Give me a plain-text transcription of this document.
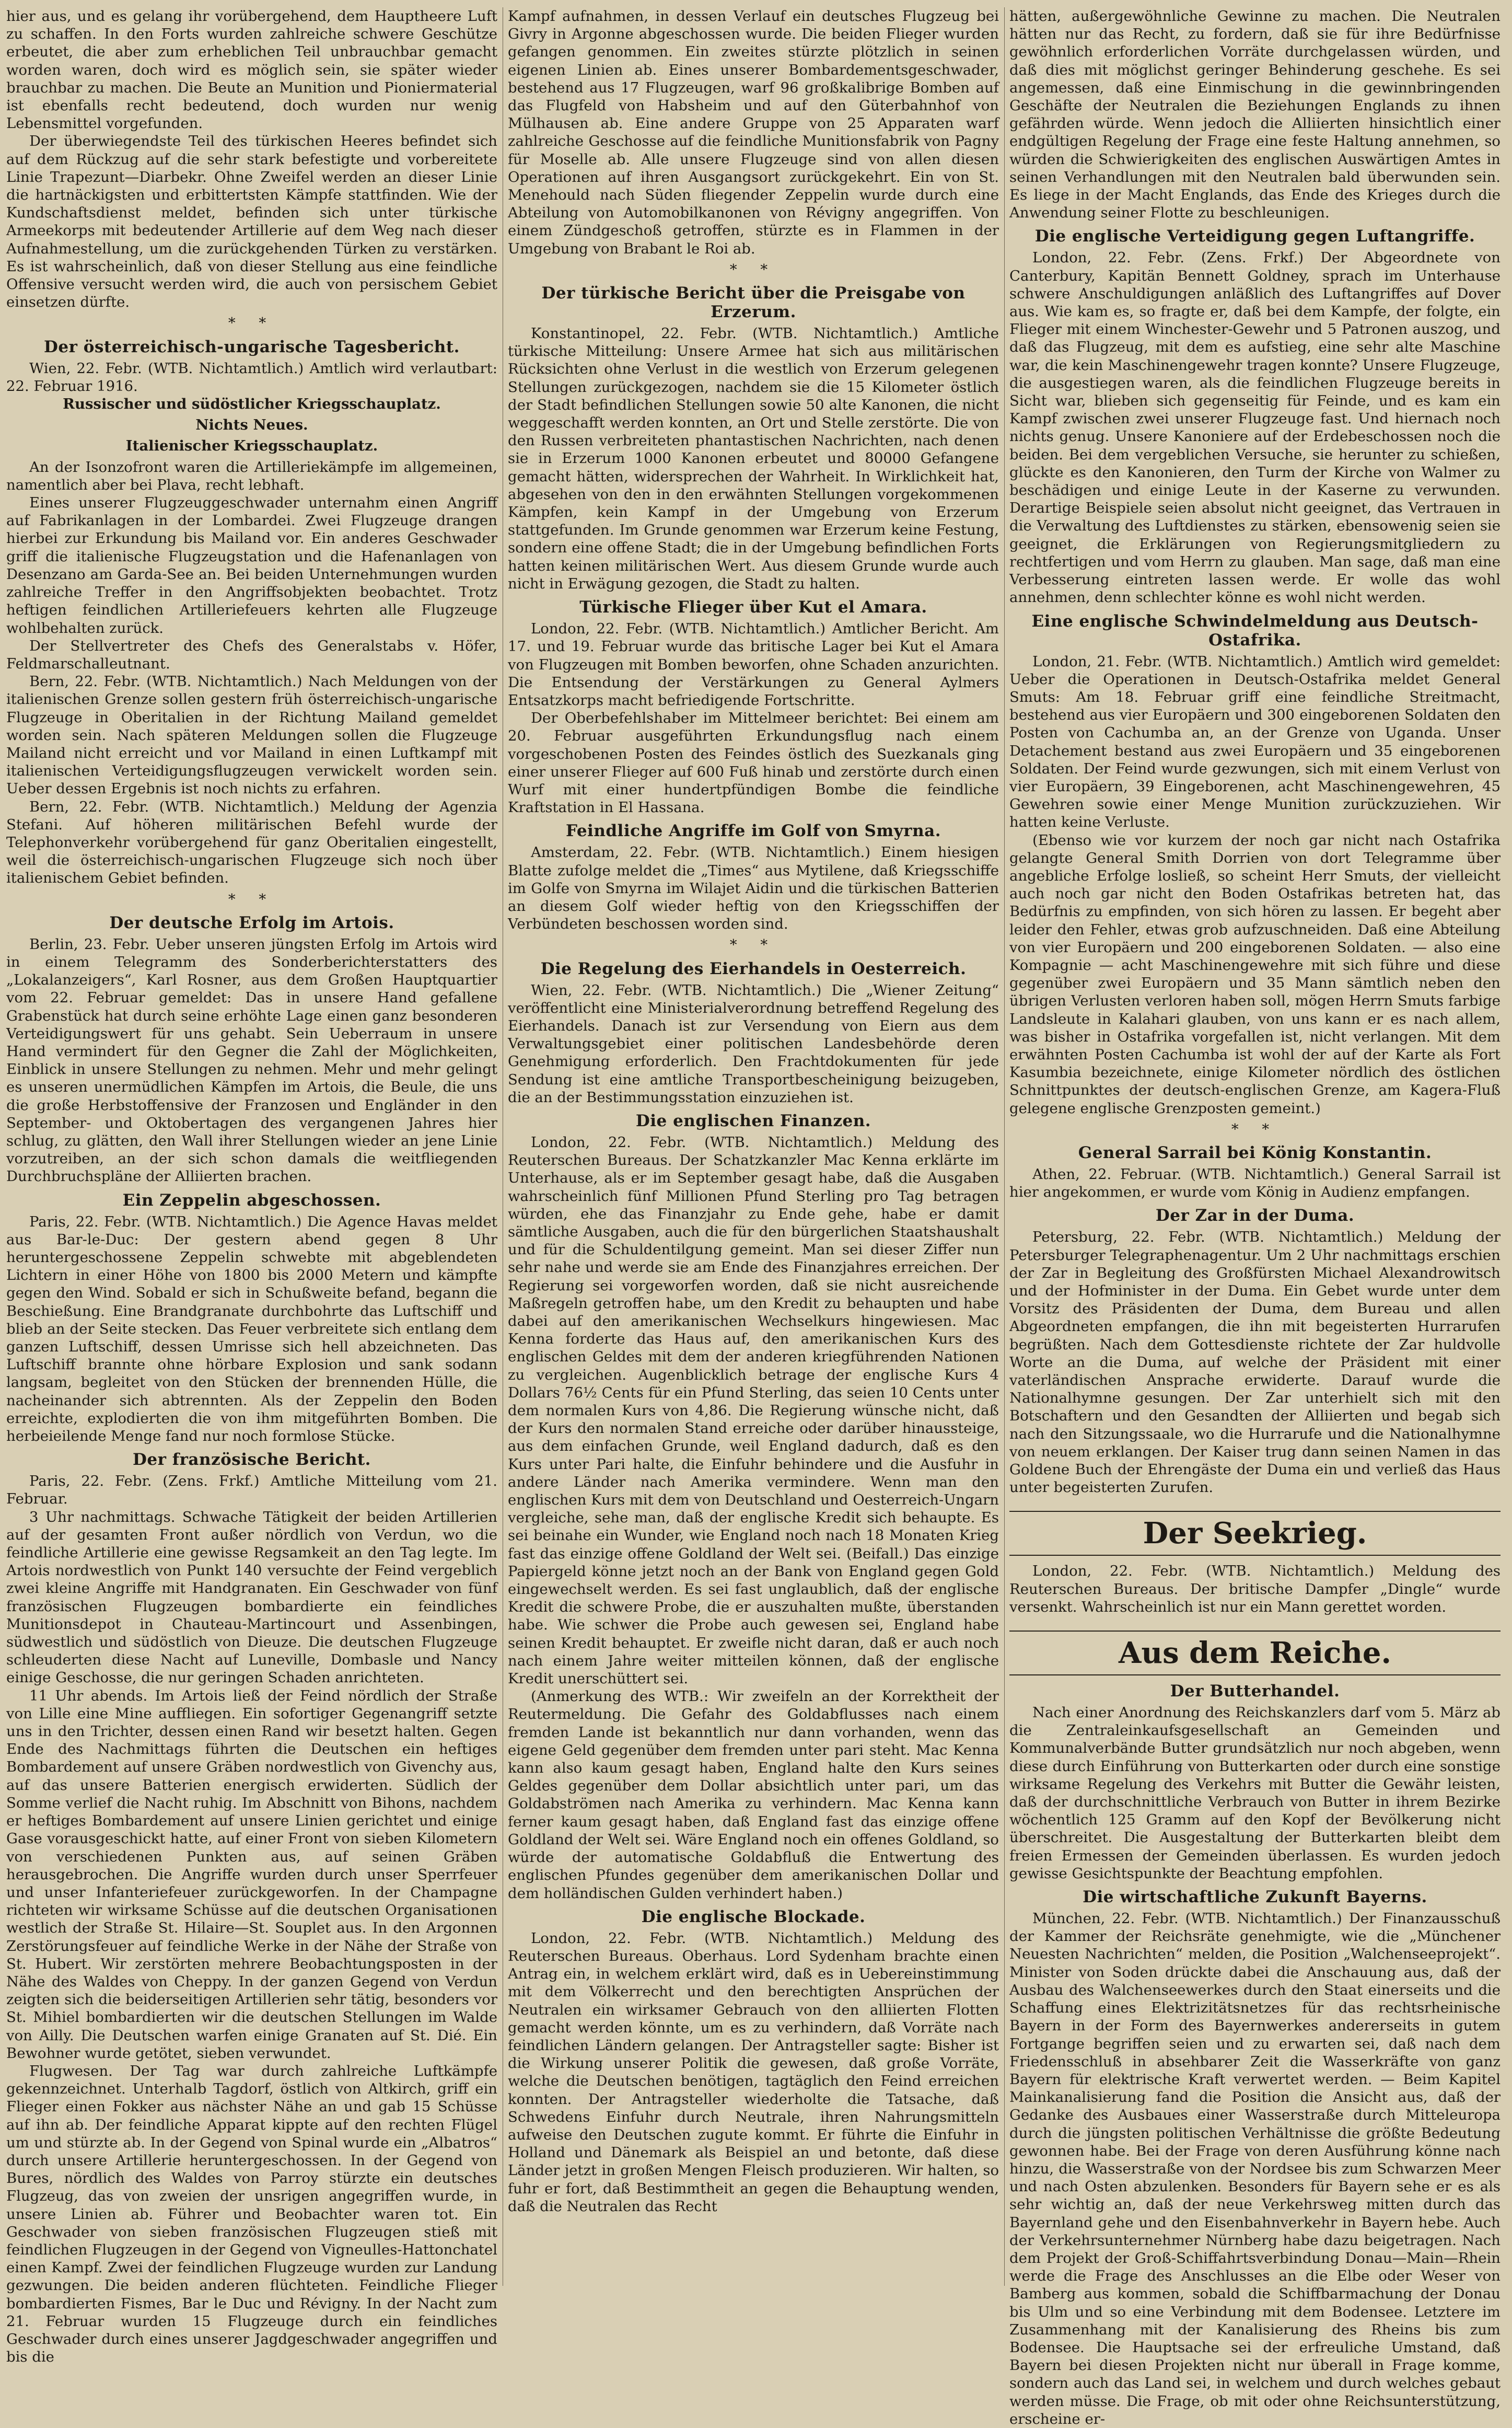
hier aus, und es gelang ihr vorübergehend, dem Hauptheere Luft zu schaffen. In den Forts wurden zahlreiche schwere Geschütze erbeutet, die aber zum erheblichen Teil unbrauchbar gemacht worden waren, doch wird es möglich sein, sie später wieder brauchbar zu machen. Die Beute an Munition und Pioniermaterial ist ebenfalls recht bedeutend, doch wurden nur wenig Lebensmittel vorgefunden.

Der überwiegendste Teil des türkischen Heeres befindet sich auf dem Rückzug auf die sehr stark befestigte und vorbereitete Linie Trapezunt—Diarbekr. Ohne Zweifel werden an dieser Linie die hartnäckigsten und erbittertsten Kämpfe stattfinden. Wie der Kundschaftsdienst meldet, befinden sich unter türkische Armeekorps mit bedeutender Artillerie auf dem Weg nach dieser Aufnahmestellung, um die zurückgehenden Türken zu verstärken. Es ist wahrscheinlich, daß von dieser Stellung aus eine feindliche Offensive versucht werden wird, die auch von persischem Gebiet einsetzen dürfte.

* *
Der österreichisch-ungarische Tagesbericht.

Wien, 22. Febr. (WTB. Nichtamtlich.) Amtlich wird verlautbart: 22. Februar 1916.

Russischer und südöstlicher Kriegsschauplatz.
Nichts Neues.
Italienischer Kriegsschauplatz.

An der Isonzofront waren die Artilleriekämpfe im allgemeinen, namentlich aber bei Plava, recht lebhaft.

Eines unserer Flugzeuggeschwader unternahm einen Angriff auf Fabrikanlagen in der Lombardei. Zwei Flugzeuge drangen hierbei zur Erkundung bis Mailand vor. Ein anderes Geschwader griff die italienische Flugzeugstation und die Hafenanlagen von Desenzano am Garda-See an. Bei beiden Unternehmungen wurden zahlreiche Treffer in den Angriffsobjekten beobachtet. Trotz heftigen feindlichen Artilleriefeuers kehrten alle Flugzeuge wohlbehalten zurück.

Der Stellvertreter des Chefs des Generalstabs v. Höfer, Feldmarschalleutnant.

Bern, 22. Febr. (WTB. Nichtamtlich.) Nach Meldungen von der italienischen Grenze sollen gestern früh österreichisch-ungarische Flugzeuge in Oberitalien in der Richtung Mailand gemeldet worden sein. Nach späteren Meldungen sollen die Flugzeuge Mailand nicht erreicht und vor Mailand in einen Luftkampf mit italienischen Verteidigungsflugzeugen verwickelt worden sein. Ueber dessen Ergebnis ist noch nichts zu erfahren.

Bern, 22. Febr. (WTB. Nichtamtlich.) Meldung der Agenzia Stefani. Auf höheren militärischen Befehl wurde der Telephonverkehr vorübergehend für ganz Oberitalien eingestellt, weil die österreichisch-ungarischen Flugzeuge sich noch über italienischem Gebiet befinden.

* *
Der deutsche Erfolg im Artois.

Berlin, 23. Febr. Ueber unseren jüngsten Erfolg im Artois wird in einem Telegramm des Sonderberichterstatters des „Lokalanzeigers“, Karl Rosner, aus dem Großen Hauptquartier vom 22. Februar gemeldet: Das in unsere Hand gefallene Grabenstück hat durch seine erhöhte Lage einen ganz besonderen Verteidigungswert für uns gehabt. Sein Ueberraum in unsere Hand vermindert für den Gegner die Zahl der Möglichkeiten, Einblick in unsere Stellungen zu nehmen. Mehr und mehr gelingt es unseren unermüdlichen Kämpfen im Artois, die Beule, die uns die große Herbstoffensive der Franzosen und Engländer in den September- und Oktobertagen des vergangenen Jahres hier schlug, zu glätten, den Wall ihrer Stellungen wieder an jene Linie vorzutreiben, an der sich schon damals die weitfliegenden Durchbruchspläne der Alliierten brachen.

Ein Zeppelin abgeschossen.

Paris, 22. Febr. (WTB. Nichtamtlich.) Die Agence Havas meldet aus Bar-le-Duc: Der gestern abend gegen 8 Uhr heruntergeschossene Zeppelin schwebte mit abgeblendeten Lichtern in einer Höhe von 1800 bis 2000 Metern und kämpfte gegen den Wind. Sobald er sich in Schußweite befand, begann die Beschießung. Eine Brandgranate durchbohrte das Luftschiff und blieb an der Seite stecken. Das Feuer verbreitete sich entlang dem ganzen Luftschiff, dessen Umrisse sich hell abzeichneten. Das Luftschiff brannte ohne hörbare Explosion und sank sodann langsam, begleitet von den Stücken der brennenden Hülle, die nacheinander sich abtrennten. Als der Zeppelin den Boden erreichte, explodierten die von ihm mitgeführten Bomben. Die herbeieilende Menge fand nur noch formlose Stücke.

Der französische Bericht.

Paris, 22. Febr. (Zens. Frkf.) Amtliche Mitteilung vom 21. Februar.

3 Uhr nachmittags. Schwache Tätigkeit der beiden Artillerien auf der gesamten Front außer nördlich von Verdun, wo die feindliche Artillerie eine gewisse Regsamkeit an den Tag legte. Im Artois nordwestlich von Punkt 140 versuchte der Feind vergeblich zwei kleine Angriffe mit Handgranaten. Ein Geschwader von fünf französischen Flugzeugen bombardierte ein feindliches Munitionsdepot in Chauteau-Martincourt und Assenbingen, südwestlich und südöstlich von Dieuze. Die deutschen Flugzeuge schleuderten diese Nacht auf Luneville, Dombasle und Nancy einige Geschosse, die nur geringen Schaden anrichteten.

11 Uhr abends. Im Artois ließ der Feind nördlich der Straße von Lille eine Mine auffliegen. Ein sofortiger Gegenangriff setzte uns in den Trichter, dessen einen Rand wir besetzt halten. Gegen Ende des Nachmittags führten die Deutschen ein heftiges Bombardement auf unsere Gräben nordwestlich von Givenchy aus, auf das unsere Batterien energisch erwiderten. Südlich der Somme verlief die Nacht ruhig. Im Abschnitt von Bihons, nachdem er heftiges Bombardement auf unsere Linien gerichtet und einige Gase vorausgeschickt hatte, auf einer Front von sieben Kilometern von verschiedenen Punkten aus, auf seinen Gräben herausgebrochen. Die Angriffe wurden durch unser Sperrfeuer und unser Infanteriefeuer zurückgeworfen. In der Champagne richteten wir wirksame Schüsse auf die deutschen Organisationen westlich der Straße St. Hilaire—St. Souplet aus. In den Argonnen Zerstörungsfeuer auf feindliche Werke in der Nähe der Straße von St. Hubert. Wir zerstörten mehrere Beobachtungsposten in der Nähe des Waldes von Cheppy. In der ganzen Gegend von Verdun zeigten sich die beiderseitigen Artillerien sehr tätig, besonders vor St. Mihiel bombardierten wir die deutschen Stellungen im Walde von Ailly. Die Deutschen warfen einige Granaten auf St. Dié. Ein Bewohner wurde getötet, sieben verwundet.

Flugwesen. Der Tag war durch zahlreiche Luftkämpfe gekennzeichnet. Unterhalb Tagdorf, östlich von Altkirch, griff ein Flieger einen Fokker aus nächster Nähe an und gab 15 Schüsse auf ihn ab. Der feindliche Apparat kippte auf den rechten Flügel um und stürzte ab. In der Gegend von Spinal wurde ein „Albatros“ durch unsere Artillerie heruntergeschossen. In der Gegend von Bures, nördlich des Waldes von Parroy stürzte ein deutsches Flugzeug, das von zweien der unsrigen angegriffen wurde, in unsere Linien ab. Führer und Beobachter waren tot. Ein Geschwader von sieben französischen Flugzeugen stieß mit feindlichen Flugzeugen in der Gegend von Vigneulles-Hattonchatel einen Kampf. Zwei der feindlichen Flugzeuge wurden zur Landung gezwungen. Die beiden anderen flüchteten. Feindliche Flieger bombardierten Fismes, Bar le Duc und Révigny. In der Nacht zum 21. Februar wurden 15 Flugzeuge durch ein feindliches Geschwader durch eines unserer Jagdgeschwader angegriffen und bis die

Kampf aufnahmen, in dessen Verlauf ein deutsches Flugzeug bei Givry in Argonne abgeschossen wurde. Die beiden Flieger wurden gefangen genommen. Ein zweites stürzte plötzlich in seinen eigenen Linien ab. Eines unserer Bombardementsgeschwader, bestehend aus 17 Flugzeugen, warf 96 großkalibrige Bomben auf das Flugfeld von Habsheim und auf den Güterbahnhof von Mülhausen ab. Eine andere Gruppe von 25 Apparaten warf zahlreiche Geschosse auf die feindliche Munitionsfabrik von Pagny für Moselle ab. Alle unsere Flugzeuge sind von allen diesen Operationen auf ihren Ausgangsort zurückgekehrt. Ein von St. Menehould nach Süden fliegender Zeppelin wurde durch eine Abteilung von Automobilkanonen von Révigny angegriffen. Von einem Zündgeschoß getroffen, stürzte es in Flammen in der Umgebung von Brabant le Roi ab.

* *
Der türkische Bericht über die Preisgabe von Erzerum.

Konstantinopel, 22. Febr. (WTB. Nichtamtlich.) Amtliche türkische Mitteilung: Unsere Armee hat sich aus militärischen Rücksichten ohne Verlust in die westlich von Erzerum gelegenen Stellungen zurückgezogen, nachdem sie die 15 Kilometer östlich der Stadt befindlichen Stellungen sowie 50 alte Kanonen, die nicht weggeschafft werden konnten, an Ort und Stelle zerstörte. Die von den Russen verbreiteten phantastischen Nachrichten, nach denen sie in Erzerum 1000 Kanonen erbeutet und 80000 Gefangene gemacht hätten, widersprechen der Wahrheit. In Wirklichkeit hat, abgesehen von den in den erwähnten Stellungen vorgekommenen Kämpfen, kein Kampf in der Umgebung von Erzerum stattgefunden. Im Grunde genommen war Erzerum keine Festung, sondern eine offene Stadt; die in der Umgebung befindlichen Forts hatten keinen militärischen Wert. Aus diesem Grunde wurde auch nicht in Erwägung gezogen, die Stadt zu halten.

Türkische Flieger über Kut el Amara.

London, 22. Febr. (WTB. Nichtamtlich.) Amtlicher Bericht. Am 17. und 19. Februar wurde das britische Lager bei Kut el Amara von Flugzeugen mit Bomben beworfen, ohne Schaden anzurichten. Die Entsendung der Verstärkungen zu General Aylmers Entsatzkorps macht befriedigende Fortschritte.

Der Oberbefehlshaber im Mittelmeer berichtet: Bei einem am 20. Februar ausgeführten Erkundungsflug nach einem vorgeschobenen Posten des Feindes östlich des Suezkanals ging einer unserer Flieger auf 600 Fuß hinab und zerstörte durch einen Wurf mit einer hundertpfündigen Bombe die feindliche Kraftstation in El Hassana.

Feindliche Angriffe im Golf von Smyrna.

Amsterdam, 22. Febr. (WTB. Nichtamtlich.) Einem hiesigen Blatte zufolge meldet die „Times“ aus Mytilene, daß Kriegsschiffe im Golfe von Smyrna im Wilajet Aidin und die türkischen Batterien an diesem Golf wieder heftig von den Kriegsschiffen der Verbündeten beschossen worden sind.

* *
Die Regelung des Eierhandels in Oesterreich.

Wien, 22. Febr. (WTB. Nichtamtlich.) Die „Wiener Zeitung“ veröffentlicht eine Ministerialverordnung betreffend Regelung des Eierhandels. Danach ist zur Versendung von Eiern aus dem Verwaltungsgebiet einer politischen Landesbehörde deren Genehmigung erforderlich. Den Frachtdokumenten für jede Sendung ist eine amtliche Transportbescheinigung beizugeben, die an der Bestimmungsstation einzuziehen ist.

Die englischen Finanzen.

London, 22. Febr. (WTB. Nichtamtlich.) Meldung des Reuterschen Bureaus. Der Schatzkanzler Mac Kenna erklärte im Unterhause, als er im September gesagt habe, daß die Ausgaben wahrscheinlich fünf Millionen Pfund Sterling pro Tag betragen würden, ehe das Finanzjahr zu Ende gehe, habe er damit sämtliche Ausgaben, auch die für den bürgerlichen Staatshaushalt und für die Schuldentilgung gemeint. Man sei dieser Ziffer nun sehr nahe und werde sie am Ende des Finanzjahres erreichen. Der Regierung sei vorgeworfen worden, daß sie nicht ausreichende Maßregeln getroffen habe, um den Kredit zu behaupten und habe dabei auf den amerikanischen Wechselkurs hingewiesen. Mac Kenna forderte das Haus auf, den amerikanischen Kurs des englischen Geldes mit dem der anderen kriegführenden Nationen zu vergleichen. Augenblicklich betrage der englische Kurs 4 Dollars 76½ Cents für ein Pfund Sterling, das seien 10 Cents unter dem normalen Kurs von 4,86. Die Regierung wünsche nicht, daß der Kurs den normalen Stand erreiche oder darüber hinaussteige, aus dem einfachen Grunde, weil England dadurch, daß es den Kurs unter Pari halte, die Einfuhr behindere und die Ausfuhr in andere Länder nach Amerika vermindere. Wenn man den englischen Kurs mit dem von Deutschland und Oesterreich-Ungarn vergleiche, sehe man, daß der englische Kredit sich behaupte. Es sei beinahe ein Wunder, wie England noch nach 18 Monaten Krieg fast das einzige offene Goldland der Welt sei. (Beifall.) Das einzige Papiergeld könne jetzt noch an der Bank von England gegen Gold eingewechselt werden. Es sei fast unglaublich, daß der englische Kredit die schwere Probe, die er auszuhalten mußte, überstanden habe. Wie schwer die Probe auch gewesen sei, England habe seinen Kredit behauptet. Er zweifle nicht daran, daß er auch noch nach einem Jahre weiter mitteilen können, daß der englische Kredit unerschüttert sei.

(Anmerkung des WTB.: Wir zweifeln an der Korrektheit der Reutermeldung. Die Gefahr des Goldabflusses nach einem fremden Lande ist bekanntlich nur dann vorhanden, wenn das eigene Geld gegenüber dem fremden unter pari steht. Mac Kenna kann also kaum gesagt haben, England halte den Kurs seines Geldes gegenüber dem Dollar absichtlich unter pari, um das Goldabströmen nach Amerika zu verhindern. Mac Kenna kann ferner kaum gesagt haben, daß England fast das einzige offene Goldland der Welt sei. Wäre England noch ein offenes Goldland, so würde der automatische Goldabfluß die Entwertung des englischen Pfundes gegenüber dem amerikanischen Dollar und dem holländischen Gulden verhindert haben.)

Die englische Blockade.

London, 22. Febr. (WTB. Nichtamtlich.) Meldung des Reuterschen Bureaus. Oberhaus. Lord Sydenham brachte einen Antrag ein, in welchem erklärt wird, daß es in Uebereinstimmung mit dem Völkerrecht und den berechtigten Ansprüchen der Neutralen ein wirksamer Gebrauch von den alliierten Flotten gemacht werden könnte, um es zu verhindern, daß Vorräte nach feindlichen Ländern gelangen. Der Antragsteller sagte: Bisher ist die Wirkung unserer Politik die gewesen, daß große Vorräte, welche die Deutschen benötigen, tagtäglich den Feind erreichen konnten. Der Antragsteller wiederholte die Tatsache, daß Schwedens Einfuhr durch Neutrale, ihren Nahrungsmitteln aufweise den Deutschen zugute kommt. Er führte die Einfuhr in Holland und Dänemark als Beispiel an und betonte, daß diese Länder jetzt in großen Mengen Fleisch produzieren. Wir halten, so fuhr er fort, daß Bestimmtheit an gegen die Behauptung wenden, daß die Neutralen das Recht

hätten, außergewöhnliche Gewinne zu machen. Die Neutralen hätten nur das Recht, zu fordern, daß sie für ihre Bedürfnisse gewöhnlich erforderlichen Vorräte durchgelassen würden, und daß dies mit möglichst geringer Behinderung geschehe. Es sei angemessen, daß eine Einmischung in die gewinnbringenden Geschäfte der Neutralen die Beziehungen Englands zu ihnen gefährden würde. Wenn jedoch die Alliierten hinsichtlich einer endgültigen Regelung der Frage eine feste Haltung annehmen, so würden die Schwierigkeiten des englischen Auswärtigen Amtes in seinen Verhandlungen mit den Neutralen bald überwunden sein. Es liege in der Macht Englands, das Ende des Krieges durch die Anwendung seiner Flotte zu beschleunigen.

Die englische Verteidigung gegen Luftangriffe.

London, 22. Febr. (Zens. Frkf.) Der Abgeordnete von Canterbury, Kapitän Bennett Goldney, sprach im Unterhause schwere Anschuldigungen anläßlich des Luftangriffes auf Dover aus. Wie kam es, so fragte er, daß bei dem Kampfe, der folgte, ein Flieger mit einem Winchester-Gewehr und 5 Patronen auszog, und daß das Flugzeug, mit dem es aufstieg, eine sehr alte Maschine war, die kein Maschinengewehr tragen konnte? Unsere Flugzeuge, die ausgestiegen waren, als die feindlichen Flugzeuge bereits in Sicht war, blieben sich gegenseitig für Feinde, und es kam ein Kampf zwischen zwei unserer Flugzeuge fast. Und hiernach noch nichts genug. Unsere Kanoniere auf der Erdebeschossen noch die beiden. Bei dem vergeblichen Versuche, sie herunter zu schießen, glückte es den Kanonieren, den Turm der Kirche von Walmer zu beschädigen und einige Leute in der Kaserne zu verwunden. Derartige Beispiele seien absolut nicht geeignet, das Vertrauen in die Verwaltung des Luftdienstes zu stärken, ebensowenig seien sie geeignet, die Erklärungen von Regierungsmitgliedern zu rechtfertigen und vom Herrn zu glauben. Man sage, daß man eine Verbesserung eintreten lassen werde. Er wolle das wohl annehmen, denn schlechter könne es wohl nicht werden.

Eine englische Schwindelmeldung aus Deutsch-Ostafrika.

London, 21. Febr. (WTB. Nichtamtlich.) Amtlich wird gemeldet: Ueber die Operationen in Deutsch-Ostafrika meldet General Smuts: Am 18. Februar griff eine feindliche Streitmacht, bestehend aus vier Europäern und 300 eingeborenen Soldaten den Posten von Cachumba an, an der Grenze von Uganda. Unser Detachement bestand aus zwei Europäern und 35 eingeborenen Soldaten. Der Feind wurde gezwungen, sich mit einem Verlust von vier Europäern, 39 Eingeborenen, acht Maschinengewehren, 45 Gewehren sowie einer Menge Munition zurückzuziehen. Wir hatten keine Verluste.

(Ebenso wie vor kurzem der noch gar nicht nach Ostafrika gelangte General Smith Dorrien von dort Telegramme über angebliche Erfolge losließ, so scheint Herr Smuts, der vielleicht auch noch gar nicht den Boden Ostafrikas betreten hat, das Bedürfnis zu empfinden, von sich hören zu lassen. Er begeht aber leider den Fehler, etwas grob aufzuschneiden. Daß eine Abteilung von vier Europäern und 200 eingeborenen Soldaten. — also eine Kompagnie — acht Maschinengewehre mit sich führe und diese gegenüber zwei Europäern und 35 Mann sämtlich neben den übrigen Verlusten verloren haben soll, mögen Herrn Smuts farbige Landsleute in Kalahari glauben, von uns kann er es nach allem, was bisher in Ostafrika vorgefallen ist, nicht verlangen. Mit dem erwähnten Posten Cachumba ist wohl der auf der Karte als Fort Kasumbia bezeichnete, einige Kilometer nördlich des östlichen Schnittpunktes der deutsch-englischen Grenze, am Kagera-Fluß gelegene englische Grenzposten gemeint.)

* *
General Sarrail bei König Konstantin.

Athen, 22. Februar. (WTB. Nichtamtlich.) General Sarrail ist hier angekommen, er wurde vom König in Audienz empfangen.

Der Zar in der Duma.

Petersburg, 22. Febr. (WTB. Nichtamtlich.) Meldung der Petersburger Telegraphenagentur. Um 2 Uhr nachmittags erschien der Zar in Begleitung des Großfürsten Michael Alexandrowitsch und der Hofminister in der Duma. Ein Gebet wurde unter dem Vorsitz des Präsidenten der Duma, dem Bureau und allen Abgeordneten empfangen, die ihn mit begeisterten Hurrarufen begrüßten. Nach dem Gottesdienste richtete der Zar huldvolle Worte an die Duma, auf welche der Präsident mit einer vaterländischen Ansprache erwiderte. Darauf wurde die Nationalhymne gesungen. Der Zar unterhielt sich mit den Botschaftern und den Gesandten der Alliierten und begab sich nach den Sitzungssaale, wo die Hurrarufe und die Nationalhymne von neuem erklangen. Der Kaiser trug dann seinen Namen in das Goldene Buch der Ehrengäste der Duma ein und verließ das Haus unter begeisterten Zurufen.

Der Seekrieg.

London, 22. Febr. (WTB. Nichtamtlich.) Meldung des Reuterschen Bureaus. Der britische Dampfer „Dingle“ wurde versenkt. Wahrscheinlich ist nur ein Mann gerettet worden.

Aus dem Reiche.
Der Butterhandel.

Nach einer Anordnung des Reichskanzlers darf vom 5. März ab die Zentraleinkaufsgesellschaft an Gemeinden und Kommunalverbände Butter grundsätzlich nur noch abgeben, wenn diese durch Einführung von Butterkarten oder durch eine sonstige wirksame Regelung des Verkehrs mit Butter die Gewähr leisten, daß der durchschnittliche Verbrauch von Butter in ihrem Bezirke wöchentlich 125 Gramm auf den Kopf der Bevölkerung nicht überschreitet. Die Ausgestaltung der Butterkarten bleibt dem freien Ermessen der Gemeinden überlassen. Es wurden jedoch gewisse Gesichtspunkte der Beachtung empfohlen.

Die wirtschaftliche Zukunft Bayerns.

München, 22. Febr. (WTB. Nichtamtlich.) Der Finanzausschuß der Kammer der Reichsräte genehmigte, wie die „Münchener Neuesten Nachrichten“ melden, die Position „Walchenseeprojekt“. Minister von Soden drückte dabei die Anschauung aus, daß der Ausbau des Walchenseewerkes durch den Staat einerseits und die Schaffung eines Elektrizitätsnetzes für das rechtsrheinische Bayern in der Form des Bayernwerkes andererseits in gutem Fortgange begriffen seien und zu erwarten sei, daß nach dem Friedensschluß in absehbarer Zeit die Wasserkräfte von ganz Bayern für elektrische Kraft verwertet werden. — Beim Kapitel Mainkanalisierung fand die Position die Ansicht aus, daß der Gedanke des Ausbaues einer Wasserstraße durch Mitteleuropa durch die jüngsten politischen Verhältnisse die größte Bedeutung gewonnen habe. Bei der Frage von deren Ausführung könne nach hinzu, die Wasserstraße von der Nordsee bis zum Schwarzen Meer und nach Osten abzulenken. Besonders für Bayern sehe er es als sehr wichtig an, daß der neue Verkehrsweg mitten durch das Bayernland gehe und den Eisenbahnverkehr in Bayern hebe. Auch der Verkehrsunternehmer Nürnberg habe dazu beigetragen. Nach dem Projekt der Groß-Schiffahrtsverbindung Donau—Main—Rhein werde die Frage des Anschlusses an die Elbe oder Weser von Bamberg aus kommen, sobald die Schiffbarmachung der Donau bis Ulm und so eine Verbindung mit dem Bodensee. Letztere im Zusammenhang mit der Kanalisierung des Rheins bis zum Bodensee. Die Hauptsache sei der erfreuliche Umstand, daß Bayern bei diesen Projekten nicht nur überall in Frage komme, sondern auch das Land sei, in welchem und durch welches gebaut werden müsse. Die Frage, ob mit oder ohne Reichsunterstützung, erscheine er-
